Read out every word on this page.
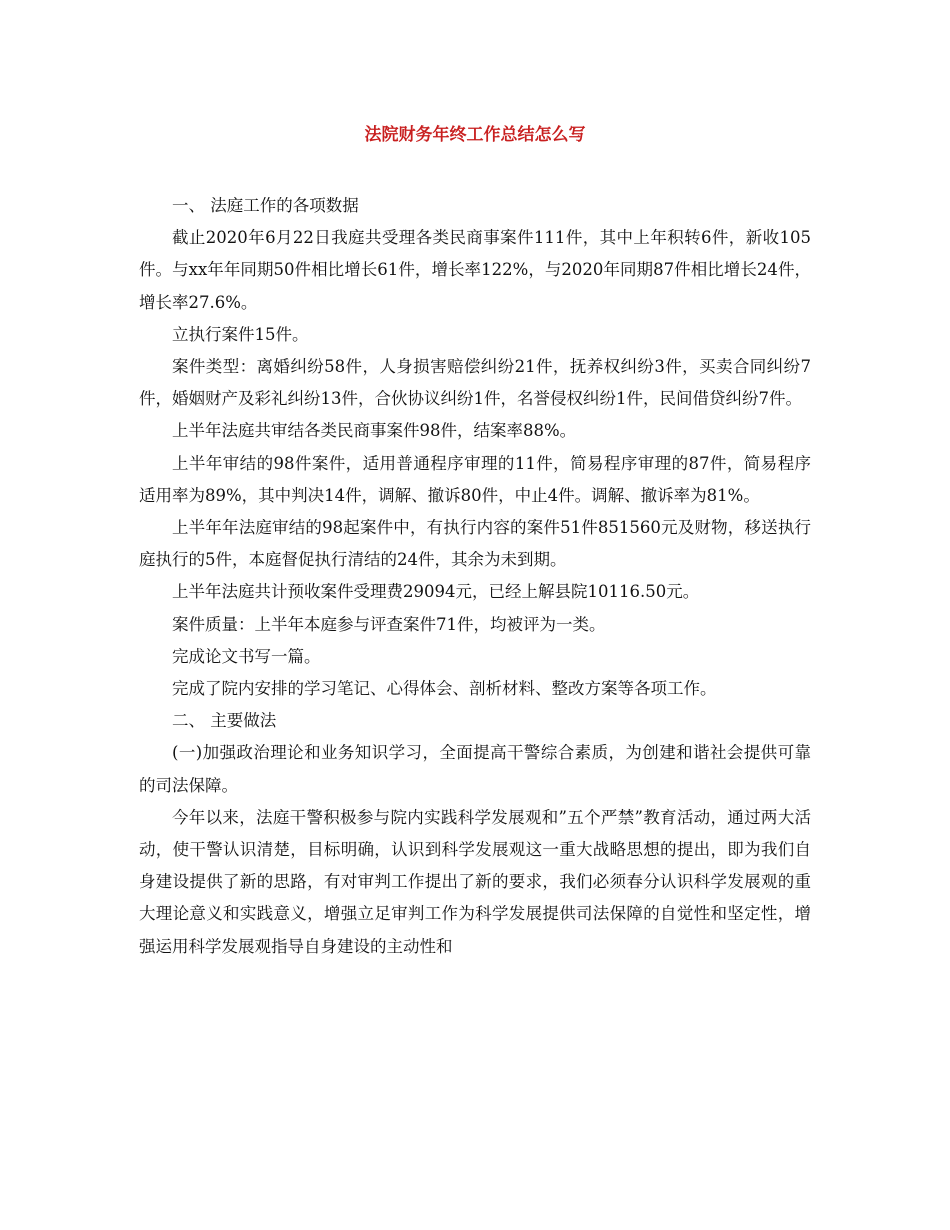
法院财务年终工作总结怎么写

一、 法庭工作的各项数据

截止2020年6月22日我庭共受理各类民商事案件111件，其中上年积转6件，新收105件。与xx年年同期50件相比增长61件，增长率122%，与2020年同期87件相比增长24件，增长率27.6%。

立执行案件15件。

案件类型：离婚纠纷58件，人身损害赔偿纠纷21件，抚养权纠纷3件，买卖合同纠纷7件，婚姻财产及彩礼纠纷13件，合伙协议纠纷1件，名誉侵权纠纷1件，民间借贷纠纷7件。

上半年法庭共审结各类民商事案件98件，结案率88%。

上半年审结的98件案件，适用普通程序审理的11件，简易程序审理的87件，简易程序适用率为89%，其中判决14件，调解、撤诉80件，中止4件。调解、撤诉率为81%。

上半年年法庭审结的98起案件中，有执行内容的案件51件851560元及财物，移送执行庭执行的5件，本庭督促执行清结的24件，其余为未到期。

上半年法庭共计预收案件受理费29094元，已经上解县院10116.50元。

案件质量：上半年本庭参与评查案件71件，均被评为一类。

完成论文书写一篇。

完成了院内安排的学习笔记、心得体会、剖析材料、整改方案等各项工作。

二、 主要做法

(一)加强政治理论和业务知识学习，全面提高干警综合素质，为创建和谐社会提供可靠的司法保障。

今年以来，法庭干警积极参与院内实践科学发展观和”五个严禁”教育活动，通过两大活动，使干警认识清楚，目标明确，认识到科学发展观这一重大战略思想的提出，即为我们自身建设提供了新的思路，有对审判工作提出了新的要求，我们必须春分认识科学发展观的重大理论意义和实践意义，增强立足审判工作为科学发展提供司法保障的自觉性和坚定性，增强运用科学发展观指导自身建设的主动性和
